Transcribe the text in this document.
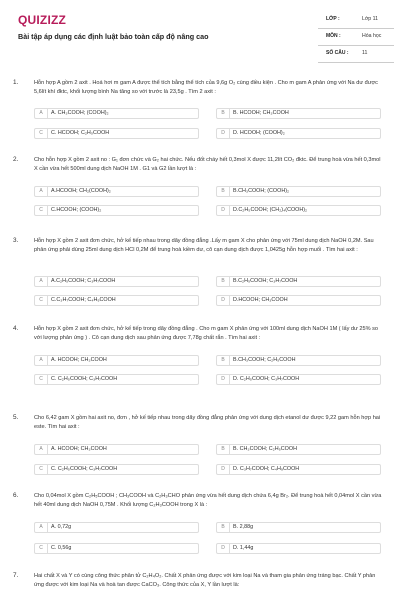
QUIZIZZ
Bài tập áp dụng các định luật bảo toàn cấp độ nâng cao
LỚP :	Lớp 11
MÔN :	Hóa học
SỐ CÂU :	11
1.	Hỗn hợp A gồm 2 axit . Hoá hơi m gam A được thể tích bằng thể tích của 9,6g O₂ cùng điều kiện . Cho m gam A phản ứng với Na dư được 5,6lít khí đktc, khối lượng bình Na tăng so với trước là 23,5g . Tìm 2 axit :
A	A. CH₃COOH; (COOH)₂	B	B. HCOOH; CH₃COOH
C	C. HCOOH; C₂H₅COOH	D	D. HCOOH; (COOH)₂
2.	Cho hỗn hợp X gồm 2 axit no : G₁ đơn chức và G₂ hai chức. Nếu đốt cháy hết 0,3mol X được 11,2lít CO₂ đktc. Để trung hoà vừa hết 0,3mol X cần vừa hết 500ml dung dịch NaOH 1M . G1 và G2 lần lượt là :
A	A.HCOOH; CH₂(COOH)₂	B	B.CH₃COOH; (COOH)₂
C	C.HCOOH; (COOH)₂	D	D.C₂H₅COOH; (CH₂)₄(COOH)₂
3.	Hỗn hợp X gồm 2 axit đơn chức, hở kế tiếp nhau trong dãy đồng đẳng .Lấy m gam X cho phản ứng với 75ml dung dịch NaOH 0,2M. Sau phản ứng phải dùng 25ml dung dịch HCl 0,2M để trung hoà kiềm dư, cô cạn dung dịch được 1,0425g hỗn hợp muối . Tìm hai axit :
A	A.C₂H₅COOH; C₃H₇COOH	B	B.C₂H₅COOH; C₃H₇COOH
C	C.C₃H₇COOH; C₄H₉COOH	D	D.HCOOH; CH₃COOH
4.	Hỗn hợp X gồm 2 axit đơn chức, hở kế tiếp trong dãy đồng đẳng . Cho m gam X phản ứng với 100ml dung dịch NaOH 1M ( lấy dư 25% so với lượng phản ứng ) . Cô cạn dung dịch sau phản ứng được 7,78g chất rắn . Tìm hai axit :
A	A. HCOOH; CH₃COOH	B	B.CH₃COOH; C₂H₅COOH
C	C. C₂H₅COOH; C₃H₇COOH	D	D. C₂H₅COOH; C₃H₇COOH
5.	Cho 6,42 gam X gồm hai axit no, đơn , hở kế tiếp nhau trong dãy đồng đẳng phản ứng với dung dịch etanol dư được 9,22 gam hỗn hợp hai este. Tìm hai axit :
A	A. HCOOH; CH₃COOH	B	B. CH₃COOH; C₂H₅COOH
C	C. C₂H₅COOH; C₃H₇COOH	D	D. C₃H₇COOH; C₄H₉COOH
6.	Cho 0,04mol X gồm C₂H₅COOH ; CH₃COOH và C₂H₃CHO phản ứng vừa hết dung dịch chứa 6,4g Br₂. Để trung hoà hết 0,04mol X cần vừa hết 40ml dung dịch NaOH 0,75M . Khối lượng C₂H₃COOH trong X là :
A	A. 0,72g	B	B. 2,88g
C	C. 0,56g	D	D. 1,44g
7.	Hai chất X và Y có cùng công thức phân tử C₂H₄O₂. Chất X phản ứng được với kim loại Na và tham gia phản ứng tráng bạc. Chất Y phản ứng được với kim loại Na và hoà tan được CaCO₃. Công thức của X, Y lần lượt là:
